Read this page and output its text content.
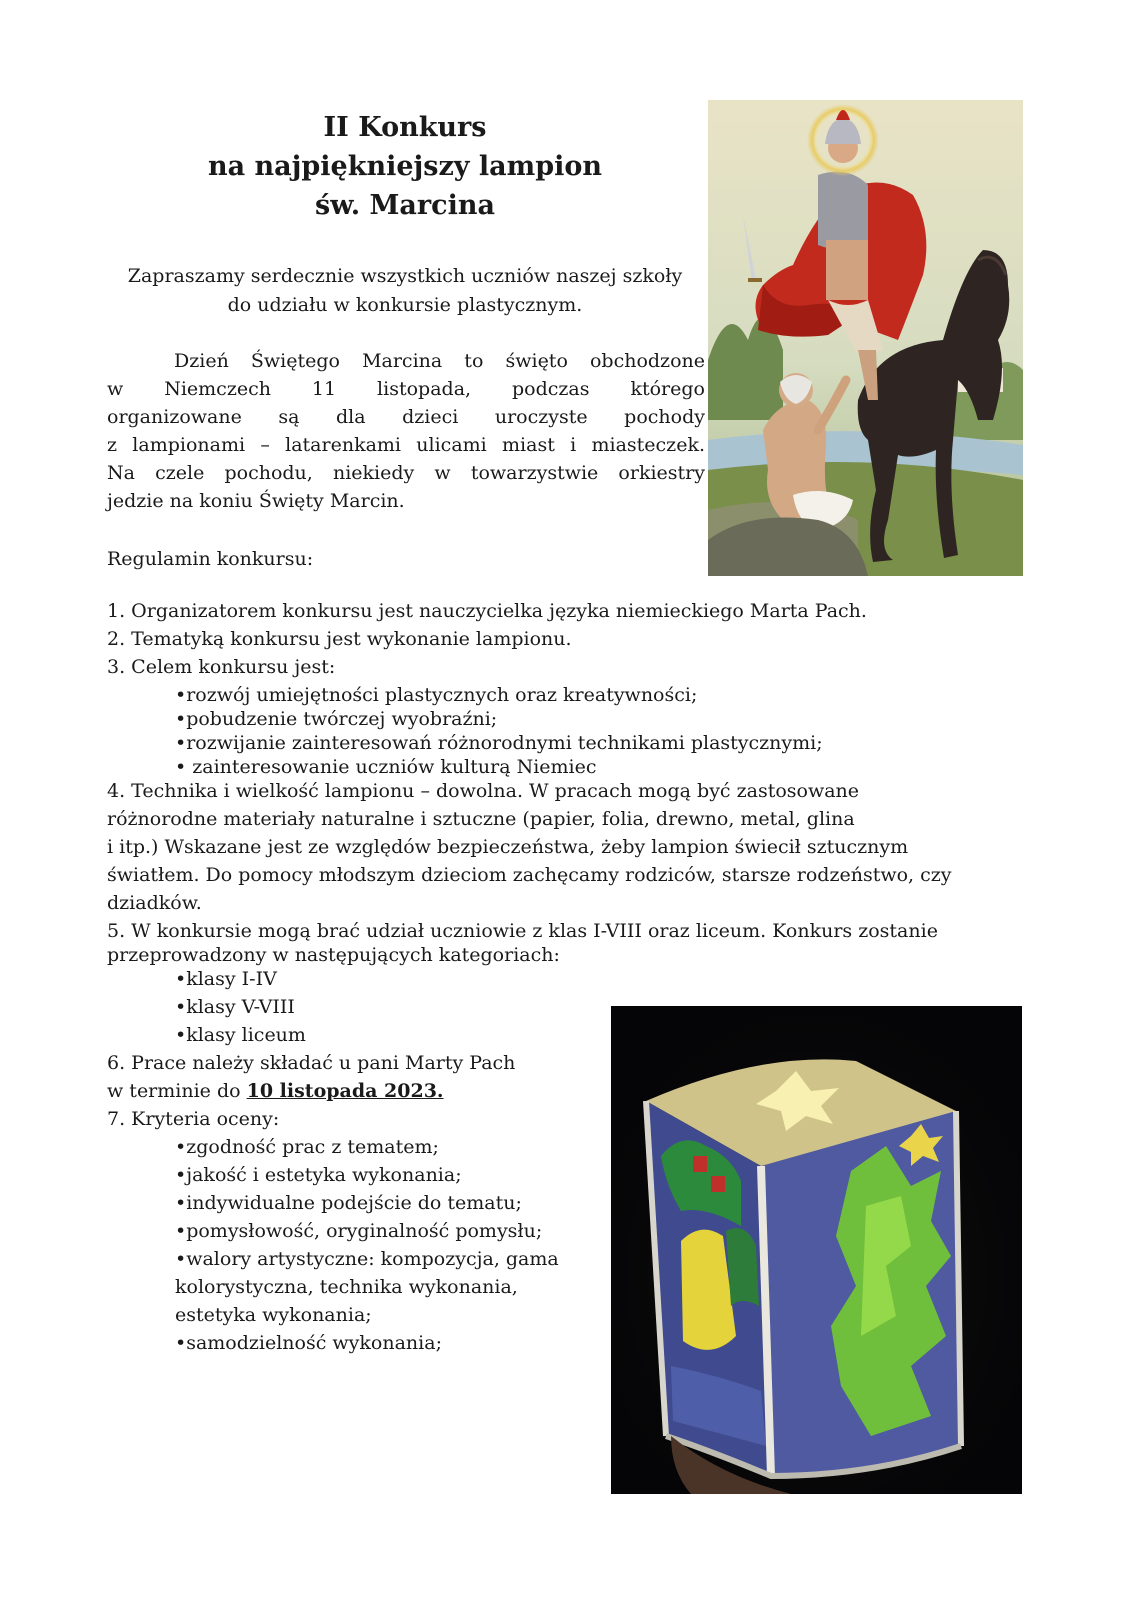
II Konkurs
na najpiękniejszy lampion
św. Marcina
Zapraszamy serdecznie wszystkich uczniów naszej szkoły
do udziału w konkursie plastycznym.
Dzień Świętego Marcina to święto obchodzone
w Niemczech 11 listopada, podczas którego
organizowane są dla dzieci uroczyste pochody
z lampionami – latarenkami ulicami miast i miasteczek.
Na czele pochodu, niekiedy w towarzystwie orkiestry
jedzie na koniu Święty Marcin.
Regulamin konkursu:
1. Organizatorem konkursu jest nauczycielka języka niemieckiego Marta Pach.
2. Tematyką konkursu jest wykonanie lampionu.
3. Celem konkursu jest:
•rozwój umiejętności plastycznych oraz kreatywności;
•pobudzenie twórczej wyobraźni;
•rozwijanie zainteresowań różnorodnymi technikami plastycznymi;
• zainteresowanie uczniów kulturą Niemiec
4. Technika i wielkość lampionu – dowolna. W pracach mogą być zastosowane
różnorodne materiały naturalne i sztuczne (papier, folia, drewno, metal, glina
i itp.) Wskazane jest ze względów bezpieczeństwa, żeby lampion świecił sztucznym
światłem. Do pomocy młodszym dzieciom zachęcamy rodziców, starsze rodzeństwo, czy
dziadków.
5. W konkursie mogą brać udział uczniowie z klas I-VIII oraz liceum. Konkurs zostanie
przeprowadzony w następujących kategoriach:
•klasy I-IV
•klasy V-VIII
•klasy liceum
6. Prace należy składać u pani Marty Pach
w terminie do 10 listopada 2023.
7. Kryteria oceny:
•zgodność prac z tematem;
•jakość i estetyka wykonania;
•indywidualne podejście do tematu;
•pomysłowość, oryginalność pomysłu;
•walory artystyczne: kompozycja, gama
kolorystyczna, technika wykonania,
estetyka wykonania;
•samodzielność wykonania;
